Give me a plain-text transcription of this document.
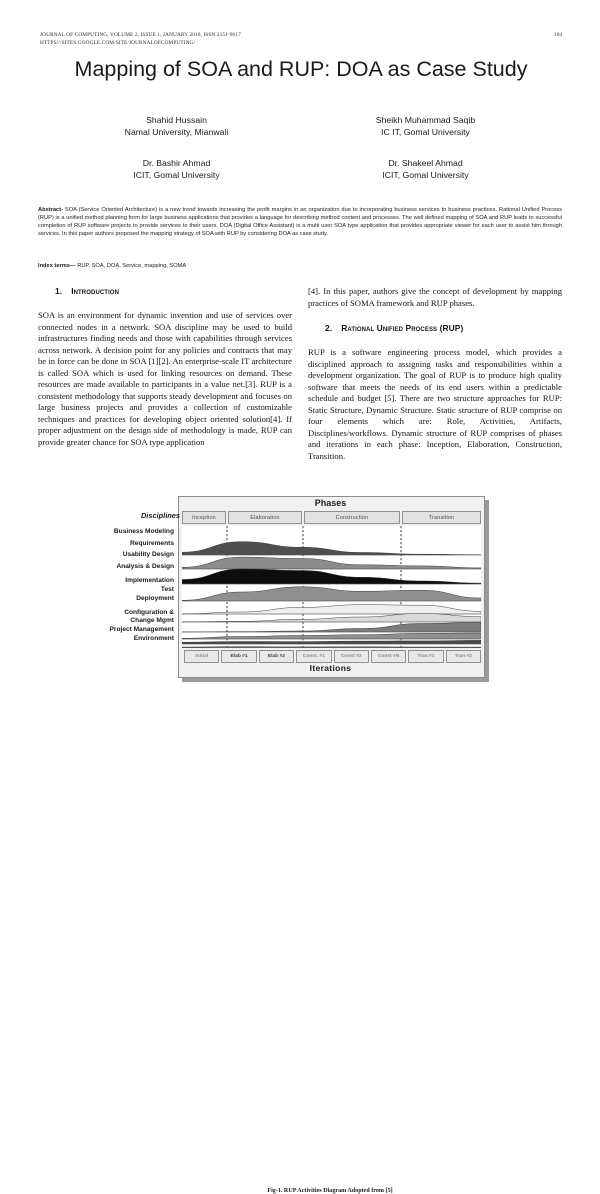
JOURNAL OF COMPUTING, VOLUME 2, ISSUE 1, JANUARY 2010, ISSN 2151-9617
HTTPS://SITES.GOOGLE.COM/SITE/JOURNALOFCOMPUTING/
104
Mapping of SOA and RUP: DOA as Case Study
Shahid Hussain
Namal University, Mianwali
Sheikh Muhammad Saqib
IC IT, Gomal University
Dr. Bashir Ahmad
ICIT, Gomal University
Dr. Shakeel Ahmad
ICIT, Gomal University
Abstract- SOA (Service Oriented Architecture) is a new trend towards increasing the profit margins in an organization due to incorporating business services to business practices. Rational Unified Process (RUP) is a unified method planning form for large business applications that provides a language for describing method content and processes. The well defined mapping of SOA and RUP leads to successful completion of RUP software projects to provide services to their users. DOA (Digital Office Assistant) is a multi user SOA type application that provides appropriate viewer for each user to assist him through services. In this paper authors proposed the mapping strategy of SOA with RUP by considering DOA as case study.
Index terms— RUP, SOA, DOA, Service, mapping, SOMA
1. Introduction

SOA is an environment for dynamic invention and use of services over connected nodes in a network. SOA discipline may be used to build infrastructures finding needs and those with capabilities through services across network. A decision point for any policies and contracts that may be in force can be done in SOA [1][2]. An enterprise-scale IT architecture is called SOA which is used for linking resources on demand. These resources are made available to participants in a value net.[3]. RUP is a consistent methodology that supports steady development and focuses on large business projects and provides a collection of customizable techniques and practices for developing object oriented solution[4]. If proper adjustment on the design side of methodology is made, RUP can provide greater chance for SOA type application

[4]. In this paper, authors give the concept of development by mapping practices of SOMA framework and RUP phases.

2. Rational Unified Process (RUP)

RUP is a software engineering process model, which provides a disciplined approach to assigning tasks and responsibilities within a development organization. The goal of RUP is to produce high quality software that meets the needs of its end users within a predictable schedule and budget [5]. There are two structure approaches for RUP: Static Structure, Dynamic Structure. Static structure of RUP comprise on four elements which are: Role, Activities, Artifacts, Disciplines/workflows. Dynamic structure of RUP comprises of phases and iterations in each phase: Inception, Elaboration, Construction, Transition.

Phases
Inception	Elaboration	Construction	Transition
Initial	Elab #1	Elab #2	Const. #1	Const #2	Const #N	Tran #1	Tran #2
Iterations
Disciplines
Business Modeling
Requirements
Usability Design
Analysis & Design
Implementation
Test
Deployment
Configuration &
Change Mgmt
Project Management
Environment
Fig-1. RUP Activities Diagram Adopted from [5]
